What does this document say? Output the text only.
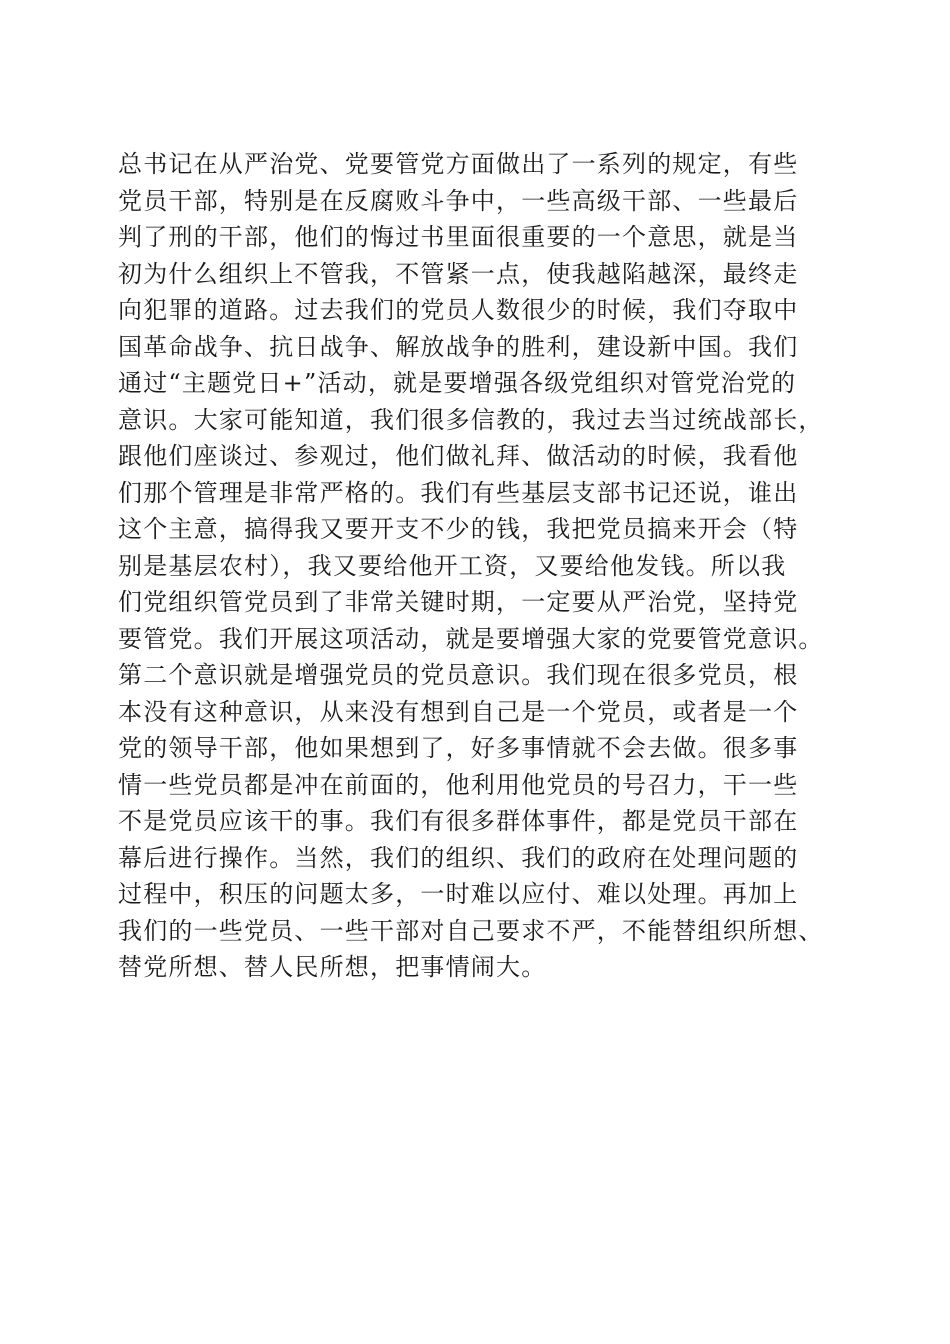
总书记在从严治党、党要管党方面做出了一系列的规定，有些
党员干部，特别是在反腐败斗争中，一些高级干部、一些最后
判了刑的干部，他们的悔过书里面很重要的一个意思，就是当
初为什么组织上不管我，不管紧一点，使我越陷越深，最终走
向犯罪的道路。过去我们的党员人数很少的时候，我们夺取中
国革命战争、抗日战争、解放战争的胜利，建设新中国。我们
通过“主题党日+”活动，就是要增强各级党组织对管党治党的
意识。大家可能知道，我们很多信教的，我过去当过统战部长，
跟他们座谈过、参观过，他们做礼拜、做活动的时候，我看他
们那个管理是非常严格的。我们有些基层支部书记还说，谁出
这个主意，搞得我又要开支不少的钱，我把党员搞来开会（特
别是基层农村），我又要给他开工资，又要给他发钱。所以我
们党组织管党员到了非常关键时期，一定要从严治党，坚持党
要管党。我们开展这项活动，就是要增强大家的党要管党意识。
第二个意识就是增强党员的党员意识。我们现在很多党员，根
本没有这种意识，从来没有想到自己是一个党员，或者是一个
党的领导干部，他如果想到了，好多事情就不会去做。很多事
情一些党员都是冲在前面的，他利用他党员的号召力，干一些
不是党员应该干的事。我们有很多群体事件，都是党员干部在
幕后进行操作。当然，我们的组织、我们的政府在处理问题的
过程中，积压的问题太多，一时难以应付、难以处理。再加上
我们的一些党员、一些干部对自己要求不严，不能替组织所想、
替党所想、替人民所想，把事情闹大。
